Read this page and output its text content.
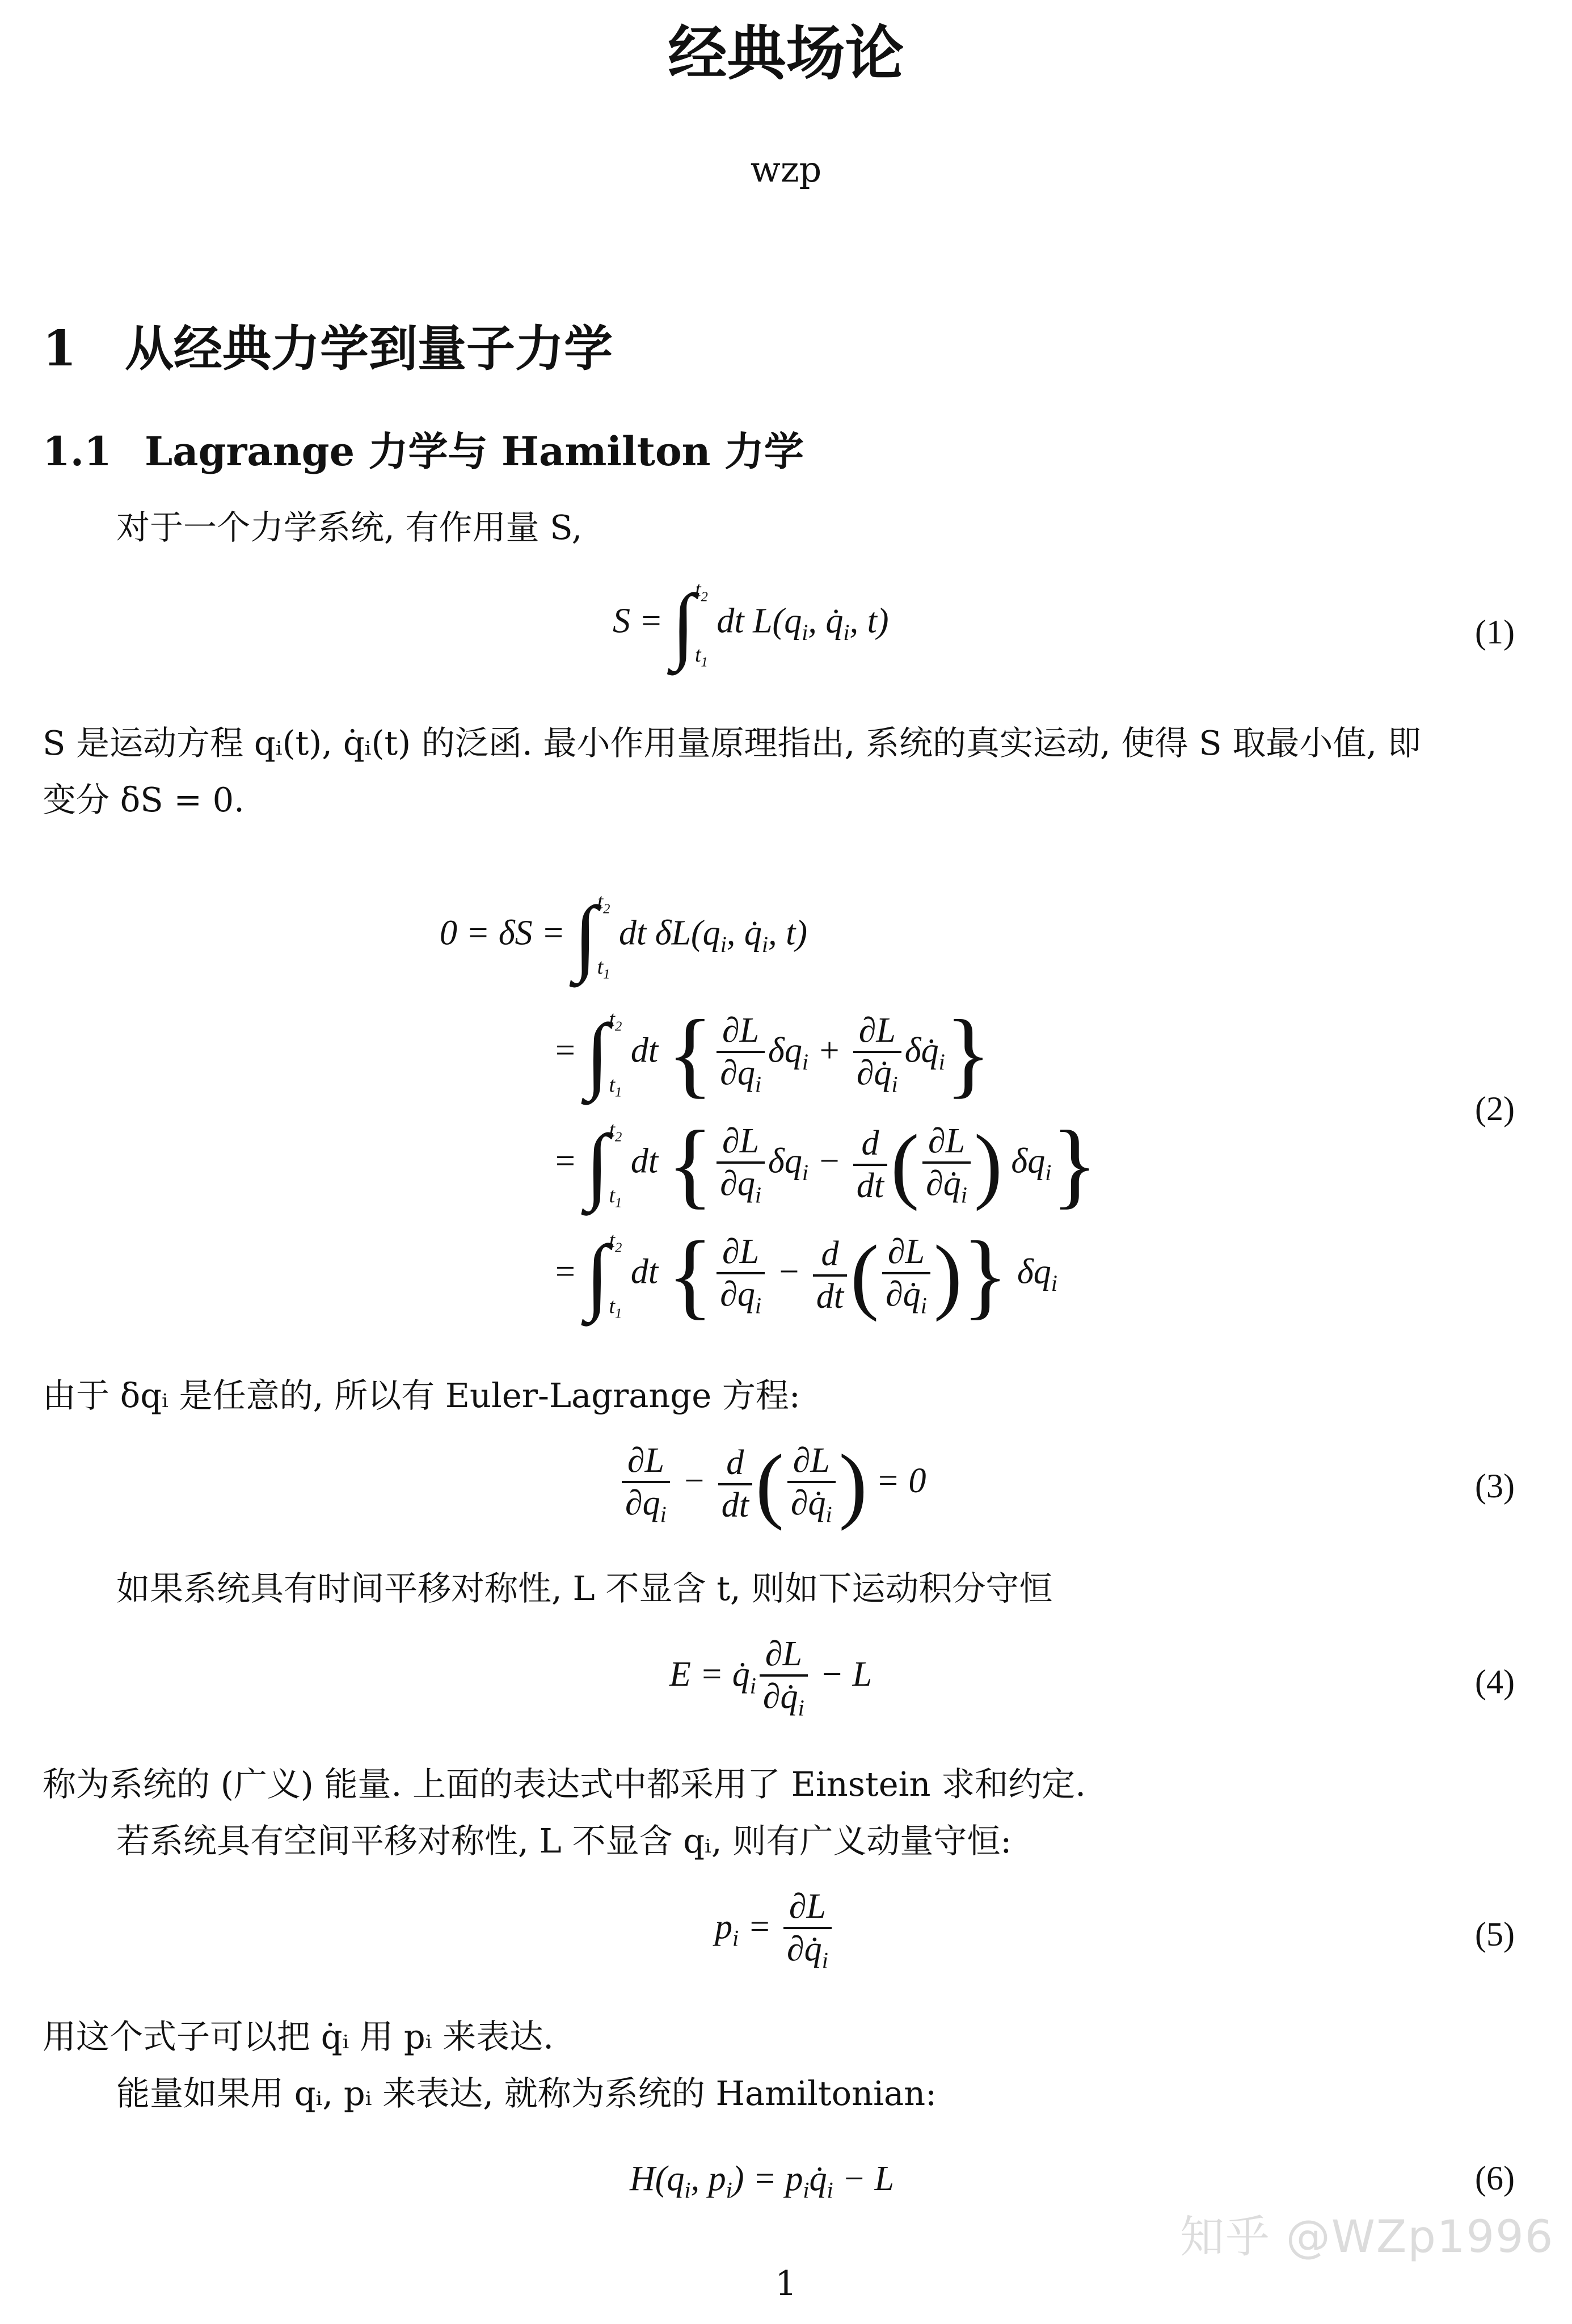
经典场论
wzp
1 从经典力学到量子力学
1.1 Lagrange 力学与 Hamilton 力学
对于一个力学系统, 有作用量 S,
S = ∫ $t_2$
$t_1$
dt $L(q_i$, $q̇_i$, t)	(1)
S 是运动方程 qᵢ(t), q̇ᵢ(t) 的泛函. 最小作用量原理指出, 系统的真实运动, 使得 S 取最小值, 即
变分 δS = 0.
0 = δS = ∫ $t_2$
$t_1$
dt $\delta L(q_i$, $q̇_i$, t)
= ∫ $t_2$
$t_1$
dt { $\frac{\partial L}{\partial q_i} \delta q_i + \frac{\partial L}{\partial q̇_i}$ $\delta q̇_i$}
= ∫ $t_2$
$t_1$
dt { $\frac{\partial L}{\partial q_i} \delta q_i - \frac{d}{dt}$ ( $\frac{\partial L}{\partial q̇_i}$ ) $\delta q_i$}
= ∫ $t_2$
$t_1$
dt { $\frac{\partial L}{\partial q_i} - \frac{d}{dt}$ ( $\frac{\partial L}{\partial q̇_i}$ )} $\delta q_i$
(2)
由于 δqᵢ 是任意的, 所以有 Euler-Lagrange 方程:
$\frac{\partial L}{\partial q_i} - \frac{d}{dt}$ ( $\frac{\partial L}{\partial q̇_i}$ ) = 0	(3)
如果系统具有时间平移对称性, L 不显含 t, 则如下运动积分守恒
$E = q̇_i \frac{\partial L}{\partial q̇_i} - L$	(4)
称为系统的 (广义) 能量. 上面的表达式中都采用了 Einstein 求和约定.
若系统具有空间平移对称性, L 不显含 qᵢ, 则有广义动量守恒:
$p_i = \frac{\partial L}{\partial q̇_i}$	(5)
用这个式子可以把 q̇ᵢ 用 pᵢ 来表达.
能量如果用 qᵢ, pᵢ 来表达, 就称为系统的 Hamiltonian:
$H(q_i$, $p_i$) = $p_iq̇_i - L$	(6)
知乎 @WZp1996
1
